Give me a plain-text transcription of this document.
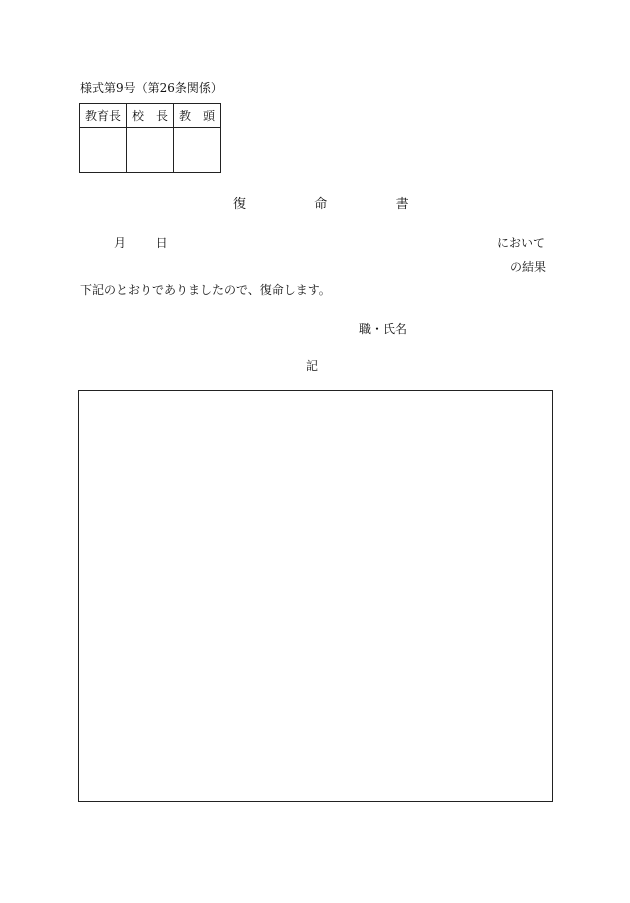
様式第9号（第26条関係）
教育長	校　長	教　頭

復	命	書
月 日	において
の結果
下記のとおりでありましたので、復命します。
職・氏名
記
